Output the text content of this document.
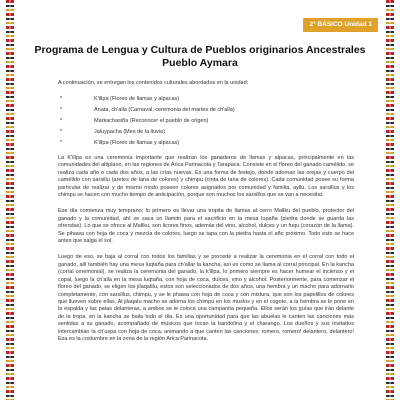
2° BÁSICO Unidad 1
Programa de Lengua y Cultura de Pueblos originarios Ancestrales
Pueblo Aymara
A continuación, se entregan los contenidos culturales abordados en la unidad:
*	K'illpa (Floreo de llamas y alpacas)
*	Anata, ch'alla (Carnaval, ceremonia del martes de ch'alla)
*	Markachasiña (Reconocer el pueblo de origen)
*	Jaluypacha (Mes de la lluvia)
*	K'illpa (Floreo de llamas y alpacas)

La K'illpa es una ceremonia importante que realizan los ganaderos de llamas y alpacas, principalmente en las comunidades del altiplano, en las regiones de Arica Parinacota y Tarapacá. Consiste en el floreo del ganado camélido, se realiza cada año o cada dos años, a las crías nuevas. Es una forma de festejo, donde adornan las orejas y cuerpo del camélido con sarsillu (aretes de lana de colores) y chimpu (cinta de lana de colores). Cada comunidad posee su forma particular de realizar y de mismo modo poseen colores asignados por comunidad y familia, ayllu. Los sarsillus y los chimpu se hacen con mucho tiempo de anticipación, porque son muchos los sarsillos que se van a necesitar.

Ese día comienza muy temprano; lo primero es llevar una tropita de llamas al cerro Mallku del pueblo, protector del ganado y la comunidad, ahí se saca un llamito para el sacrificio en la mesa lupaña (piedra donde se guarda las ofrendas). Lo que se ofrece al Mallku, son licores finos, además del vino, alcohol, dulces y un fuqu (corazón de la llama). Se pihawa con hoja de coca y mezcla de colores, luego se tapa con la piedra hasta el año próximo. Todo esto se hace antes que salga el sol.

Luego de eso, se baja al corral con todos los familias y se procede a realizar la ceremonia en el corral con todo el ganado, allí también hay una mesa luqtaña para ch'allar la kancha, así es como se llama al corral principal. En la kancha (corral ceremonial), se realiza la ceremonia del ganado, la k'illpa, lo primero siempre es hacer humear el incienso y el copal, luego la ch'alla en la mesa luqtaña, con hoja de coca, dulces, vino y alcohol. Posteriormente, para comenzar el floreo del ganado, se eligen los jilaqatllu, estos son seleccionados de dos años, una hembra y un macho para adornarlo completamente, con sarsillus, chimpu, y se le phawa con hoja de coca y con mixtura, que son los papelillos de colores que llueven sobre ellas. Al jilaqatu macho se adorna los chimpu en los muslos y en el cogote, a la hembra se le pone en la espalda y las patas delanteras, a ambos se le coloca una campanita pequeña. Ellos serán los guías que irán delante de la tropa, en la kancha se baila todo el día. Es una oportunidad para que las abuelas le canten las canciones más sentidas a su ganado, acompañado de músicos que tocan la bandolina y el charango. Los dueños y sus invitados intercambian la ch'uspa con hoja de coca, animando a que canten las canciones; romero, romero! delantero, delantero! Esa es la costumbre en la zona de la región Arica Parinacota.
